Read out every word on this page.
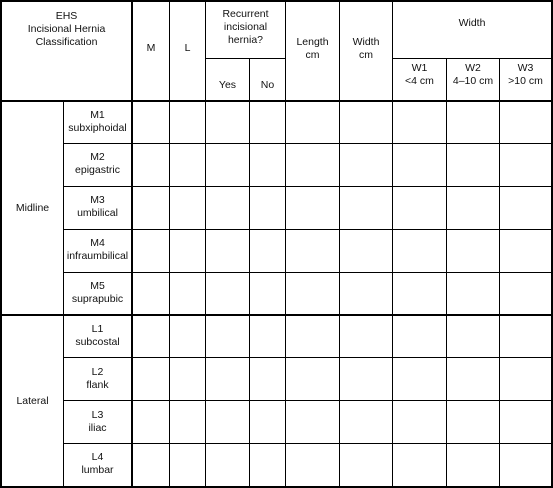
EHS
Incisional Hernia
Classification	M	L
Recurrent
incisional
hernia?
Yes No
Length
cm
Width
cm
Width
W1
<4 cm
W2
4–10 cm
W3
>10 cm
Midline
Lateral
M1
subxiphoidal
M2
epigastric
M3
umbilical
M4
infraumbilical
M5
suprapubic
L1
subcostal
L2
flank
L3
iliac
L4
lumbar
